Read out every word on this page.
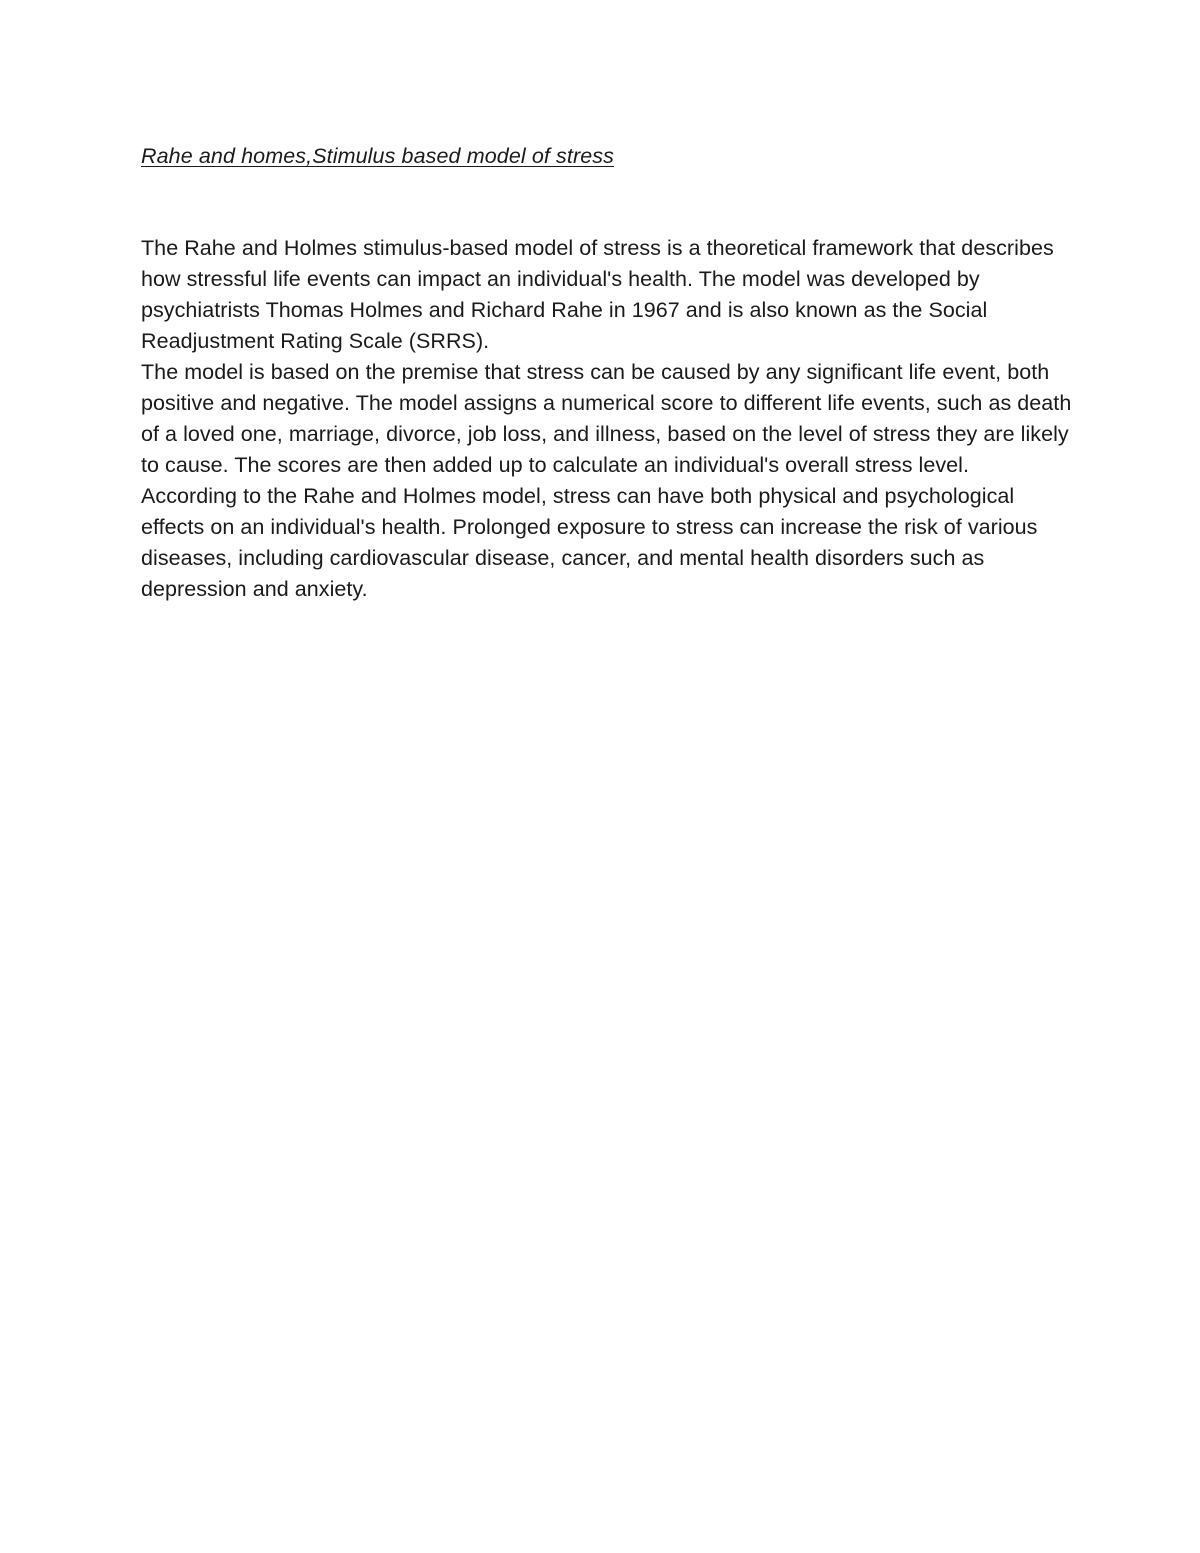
Rahe and homes,Stimulus based model of stress

The Rahe and Holmes stimulus-based model of stress is a theoretical framework that describes how stressful life events can impact an individual's health. The model was developed by psychiatrists Thomas Holmes and Richard Rahe in 1967 and is also known as the Social Readjustment Rating Scale (SRRS).

The model is based on the premise that stress can be caused by any significant life event, both positive and negative. The model assigns a numerical score to different life events, such as death of a loved one, marriage, divorce, job loss, and illness, based on the level of stress they are likely to cause. The scores are then added up to calculate an individual's overall stress level.

According to the Rahe and Holmes model, stress can have both physical and psychological effects on an individual's health. Prolonged exposure to stress can increase the risk of various diseases, including cardiovascular disease, cancer, and mental health disorders such as depression and anxiety.
